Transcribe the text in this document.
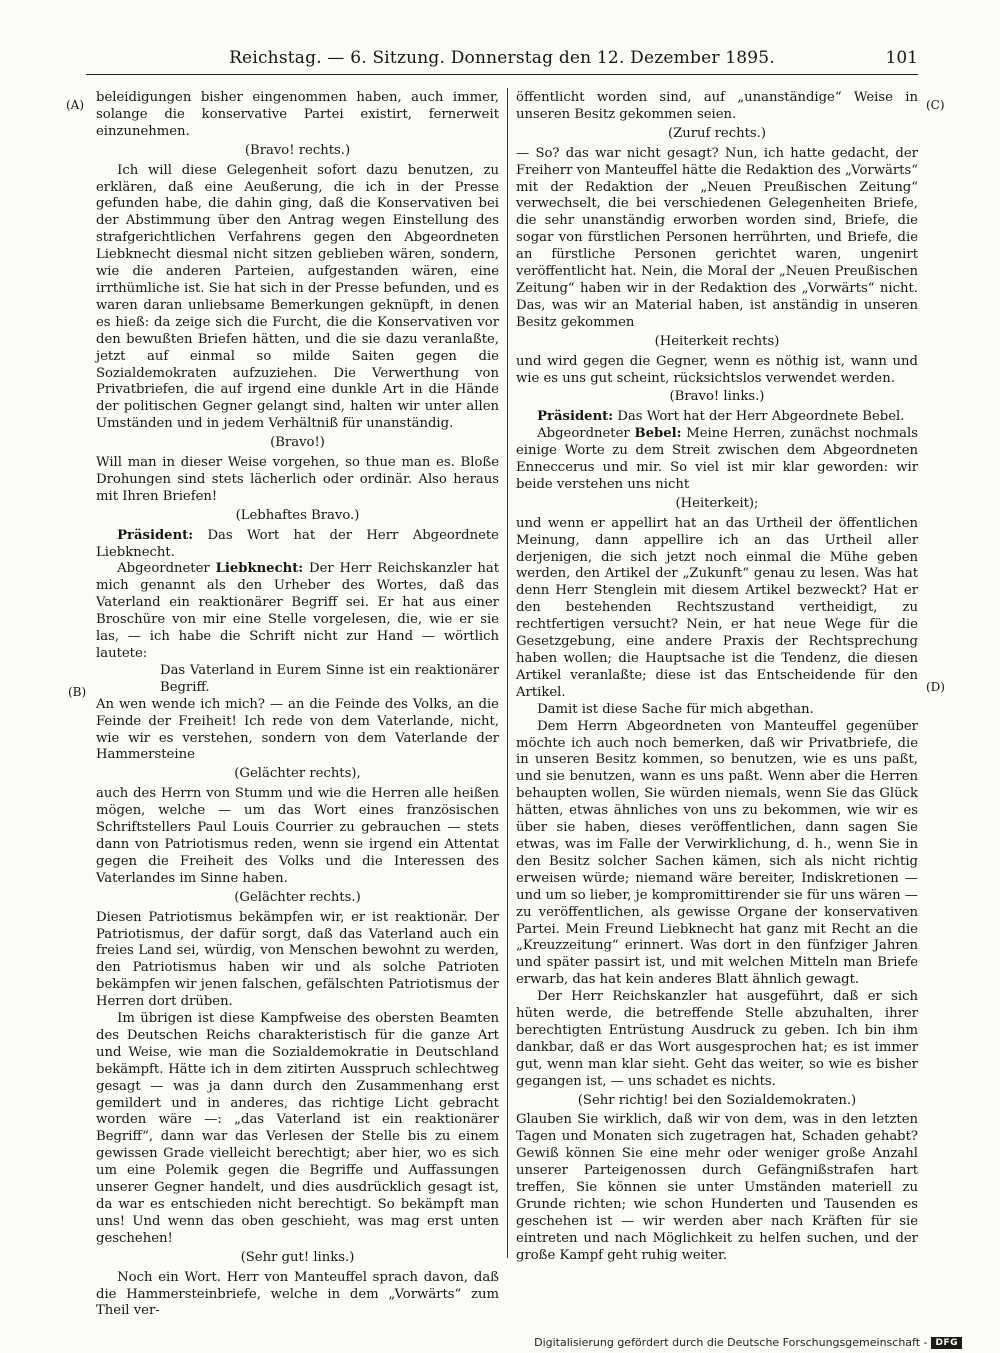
Reichstag. — 6. Sitzung. Donnerstag den 12. Dezember 1895.	101
(A)
(B)
(C)
(D)

beleidigungen bisher eingenommen haben, auch immer, solange die konservative Partei existirt, fernerweit einzunehmen.

(Bravo! rechts.)

Ich will diese Gelegenheit sofort dazu benutzen, zu erklären, daß eine Aeußerung, die ich in der Presse gefunden habe, die dahin ging, daß die Konservativen bei der Abstimmung über den Antrag wegen Einstellung des strafgerichtlichen Verfahrens gegen den Abgeordneten Liebknecht diesmal nicht sitzen geblieben wären, sondern, wie die anderen Parteien, aufgestanden wären, eine irrthümliche ist. Sie hat sich in der Presse befunden, und es waren daran unliebsame Bemerkungen geknüpft, in denen es hieß: da zeige sich die Furcht, die die Konservativen vor den bewußten Briefen hätten, und die sie dazu veranlaßte, jetzt auf einmal so milde Saiten gegen die Sozialdemokraten aufzuziehen. Die Verwerthung von Privatbriefen, die auf irgend eine dunkle Art in die Hände der politischen Gegner gelangt sind, halten wir unter allen Umständen und in jedem Verhältniß für unanständig.

(Bravo!)

Will man in dieser Weise vorgehen, so thue man es. Bloße Drohungen sind stets lächerlich oder ordinär. Also heraus mit Ihren Briefen!

(Lebhaftes Bravo.)

Präsident: Das Wort hat der Herr Abgeordnete Liebknecht.

Abgeordneter Liebknecht: Der Herr Reichskanzler hat mich genannt als den Urheber des Wortes, daß das Vaterland ein reaktionärer Begriff sei. Er hat aus einer Broschüre von mir eine Stelle vorgelesen, die, wie er sie las, — ich habe die Schrift nicht zur Hand — wörtlich lautete:

Das Vaterland in Eurem Sinne ist ein reaktionärer Begriff.

An wen wende ich mich? — an die Feinde des Volks, an die Feinde der Freiheit! Ich rede von dem Vaterlande, nicht, wie wir es verstehen, sondern von dem Vaterlande der Hammersteine

(Gelächter rechts),

auch des Herrn von Stumm und wie die Herren alle heißen mögen, welche — um das Wort eines französischen Schriftstellers Paul Louis Courrier zu gebrauchen — stets dann von Patriotismus reden, wenn sie irgend ein Attentat gegen die Freiheit des Volks und die Interessen des Vaterlandes im Sinne haben.

(Gelächter rechts.)

Diesen Patriotismus bekämpfen wir, er ist reaktionär. Der Patriotismus, der dafür sorgt, daß das Vaterland auch ein freies Land sei, würdig, von Menschen bewohnt zu werden, den Patriotismus haben wir und als solche Patrioten bekämpfen wir jenen falschen, gefälschten Patriotismus der Herren dort drüben.

Im übrigen ist diese Kampfweise des obersten Beamten des Deutschen Reichs charakteristisch für die ganze Art und Weise, wie man die Sozialdemokratie in Deutschland bekämpft. Hätte ich in dem zitirten Ausspruch schlechtweg gesagt — was ja dann durch den Zusammenhang erst gemildert und in anderes, das richtige Licht gebracht worden wäre —: „das Vaterland ist ein reaktionärer Begriff“, dann war das Verlesen der Stelle bis zu einem gewissen Grade vielleicht berechtigt; aber hier, wo es sich um eine Polemik gegen die Begriffe und Auffassungen unserer Gegner handelt, und dies ausdrücklich gesagt ist, da war es entschieden nicht berechtigt. So bekämpft man uns! Und wenn das oben geschieht, was mag erst unten geschehen!

(Sehr gut! links.)

Noch ein Wort. Herr von Manteuffel sprach davon, daß die Hammersteinbriefe, welche in dem „Vorwärts“ zum Theil ver-

öffentlicht worden sind, auf „unanständige“ Weise in unseren Besitz gekommen seien.

(Zuruf rechts.)

— So? das war nicht gesagt? Nun, ich hatte gedacht, der Freiherr von Manteuffel hätte die Redaktion des „Vorwärts“ mit der Redaktion der „Neuen Preußischen Zeitung“ verwechselt, die bei verschiedenen Gelegenheiten Briefe, die sehr unanständig erworben worden sind, Briefe, die sogar von fürstlichen Personen herrührten, und Briefe, die an fürstliche Personen gerichtet waren, ungenirt veröffentlicht hat. Nein, die Moral der „Neuen Preußischen Zeitung“ haben wir in der Redaktion des „Vorwärts“ nicht. Das, was wir an Material haben, ist anständig in unseren Besitz gekommen

(Heiterkeit rechts)

und wird gegen die Gegner, wenn es nöthig ist, wann und wie es uns gut scheint, rücksichtslos verwendet werden.

(Bravo! links.)

Präsident: Das Wort hat der Herr Abgeordnete Bebel.

Abgeordneter Bebel: Meine Herren, zunächst nochmals einige Worte zu dem Streit zwischen dem Abgeordneten Enneccerus und mir. So viel ist mir klar geworden: wir beide verstehen uns nicht

(Heiterkeit);

und wenn er appellirt hat an das Urtheil der öffentlichen Meinung, dann appellire ich an das Urtheil aller derjenigen, die sich jetzt noch einmal die Mühe geben werden, den Artikel der „Zukunft“ genau zu lesen. Was hat denn Herr Stenglein mit diesem Artikel bezweckt? Hat er den bestehenden Rechtszustand vertheidigt, zu rechtfertigen versucht? Nein, er hat neue Wege für die Gesetzgebung, eine andere Praxis der Rechtsprechung haben wollen; die Hauptsache ist die Tendenz, die diesen Artikel veranlaßte; diese ist das Entscheidende für den Artikel.

Damit ist diese Sache für mich abgethan.

Dem Herrn Abgeordneten von Manteuffel gegenüber möchte ich auch noch bemerken, daß wir Privatbriefe, die in unseren Besitz kommen, so benutzen, wie es uns paßt, und sie benutzen, wann es uns paßt. Wenn aber die Herren behaupten wollen, Sie würden niemals, wenn Sie das Glück hätten, etwas ähnliches von uns zu bekommen, wie wir es über sie haben, dieses veröffentlichen, dann sagen Sie etwas, was im Falle der Verwirklichung, d. h., wenn Sie in den Besitz solcher Sachen kämen, sich als nicht richtig erweisen würde; niemand wäre bereiter, Indiskretionen — und um so lieber, je kompromittirender sie für uns wären — zu veröffentlichen, als gewisse Organe der konservativen Partei. Mein Freund Liebknecht hat ganz mit Recht an die „Kreuzzeitung“ erinnert. Was dort in den fünfziger Jahren und später passirt ist, und mit welchen Mitteln man Briefe erwarb, das hat kein anderes Blatt ähnlich gewagt.

Der Herr Reichskanzler hat ausgeführt, daß er sich hüten werde, die betreffende Stelle abzuhalten, ihrer berechtigten Entrüstung Ausdruck zu geben. Ich bin ihm dankbar, daß er das Wort ausgesprochen hat; es ist immer gut, wenn man klar sieht. Geht das weiter, so wie es bisher gegangen ist, — uns schadet es nichts.

(Sehr richtig! bei den Sozialdemokraten.)

Glauben Sie wirklich, daß wir von dem, was in den letzten Tagen und Monaten sich zugetragen hat, Schaden gehabt? Gewiß können Sie eine mehr oder weniger große Anzahl unserer Parteigenossen durch Gefängnißstrafen hart treffen, Sie können sie unter Umständen materiell zu Grunde richten; wie schon Hunderten und Tausenden es geschehen ist — wir werden aber nach Kräften für sie eintreten und nach Möglichkeit zu helfen suchen, und der große Kampf geht ruhig weiter.

Digitalisierung gefördert durch die Deutsche Forschungsgemeinschaft - DFG
